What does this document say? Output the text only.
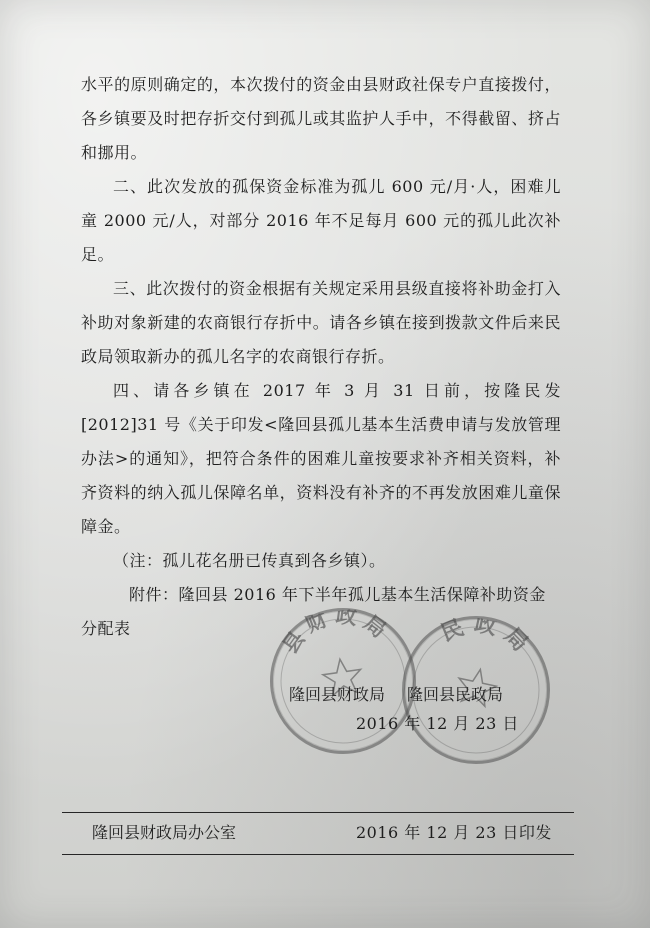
水平的原则确定的，本次拨付的资金由县财政社保专户直接拨付，各乡镇要及时把存折交付到孤儿或其监护人手中，不得截留、挤占和挪用。

二、此次发放的孤保资金标准为孤儿 600 元/月·人，困难儿童 2000 元/人，对部分 2016 年不足每月 600 元的孤儿此次补足。

三、此次拨付的资金根据有关规定采用县级直接将补助金打入补助对象新建的农商银行存折中。请各乡镇在接到拨款文件后来民政局领取新办的孤儿名字的农商银行存折。

四、请各乡镇在 2017 年 3 月 31 日前，按隆民发[2012]31 号《关于印发<隆回县孤儿基本生活费申请与发放管理办法>的通知》，把符合条件的困难儿童按要求补齐相关资料，补齐资料的纳入孤儿保障名单，资料没有补齐的不再发放困难儿童保障金。

（注：孤儿花名册已传真到各乡镇）。

附件：隆回县 2016 年下半年孤儿基本生活保障补助资金
分配表	县财政局 民政局
隆回县财政局 隆回县民政局
2016 年 12 月 23 日
隆回县财政局办公室	2016 年 12 月 23 日印发
